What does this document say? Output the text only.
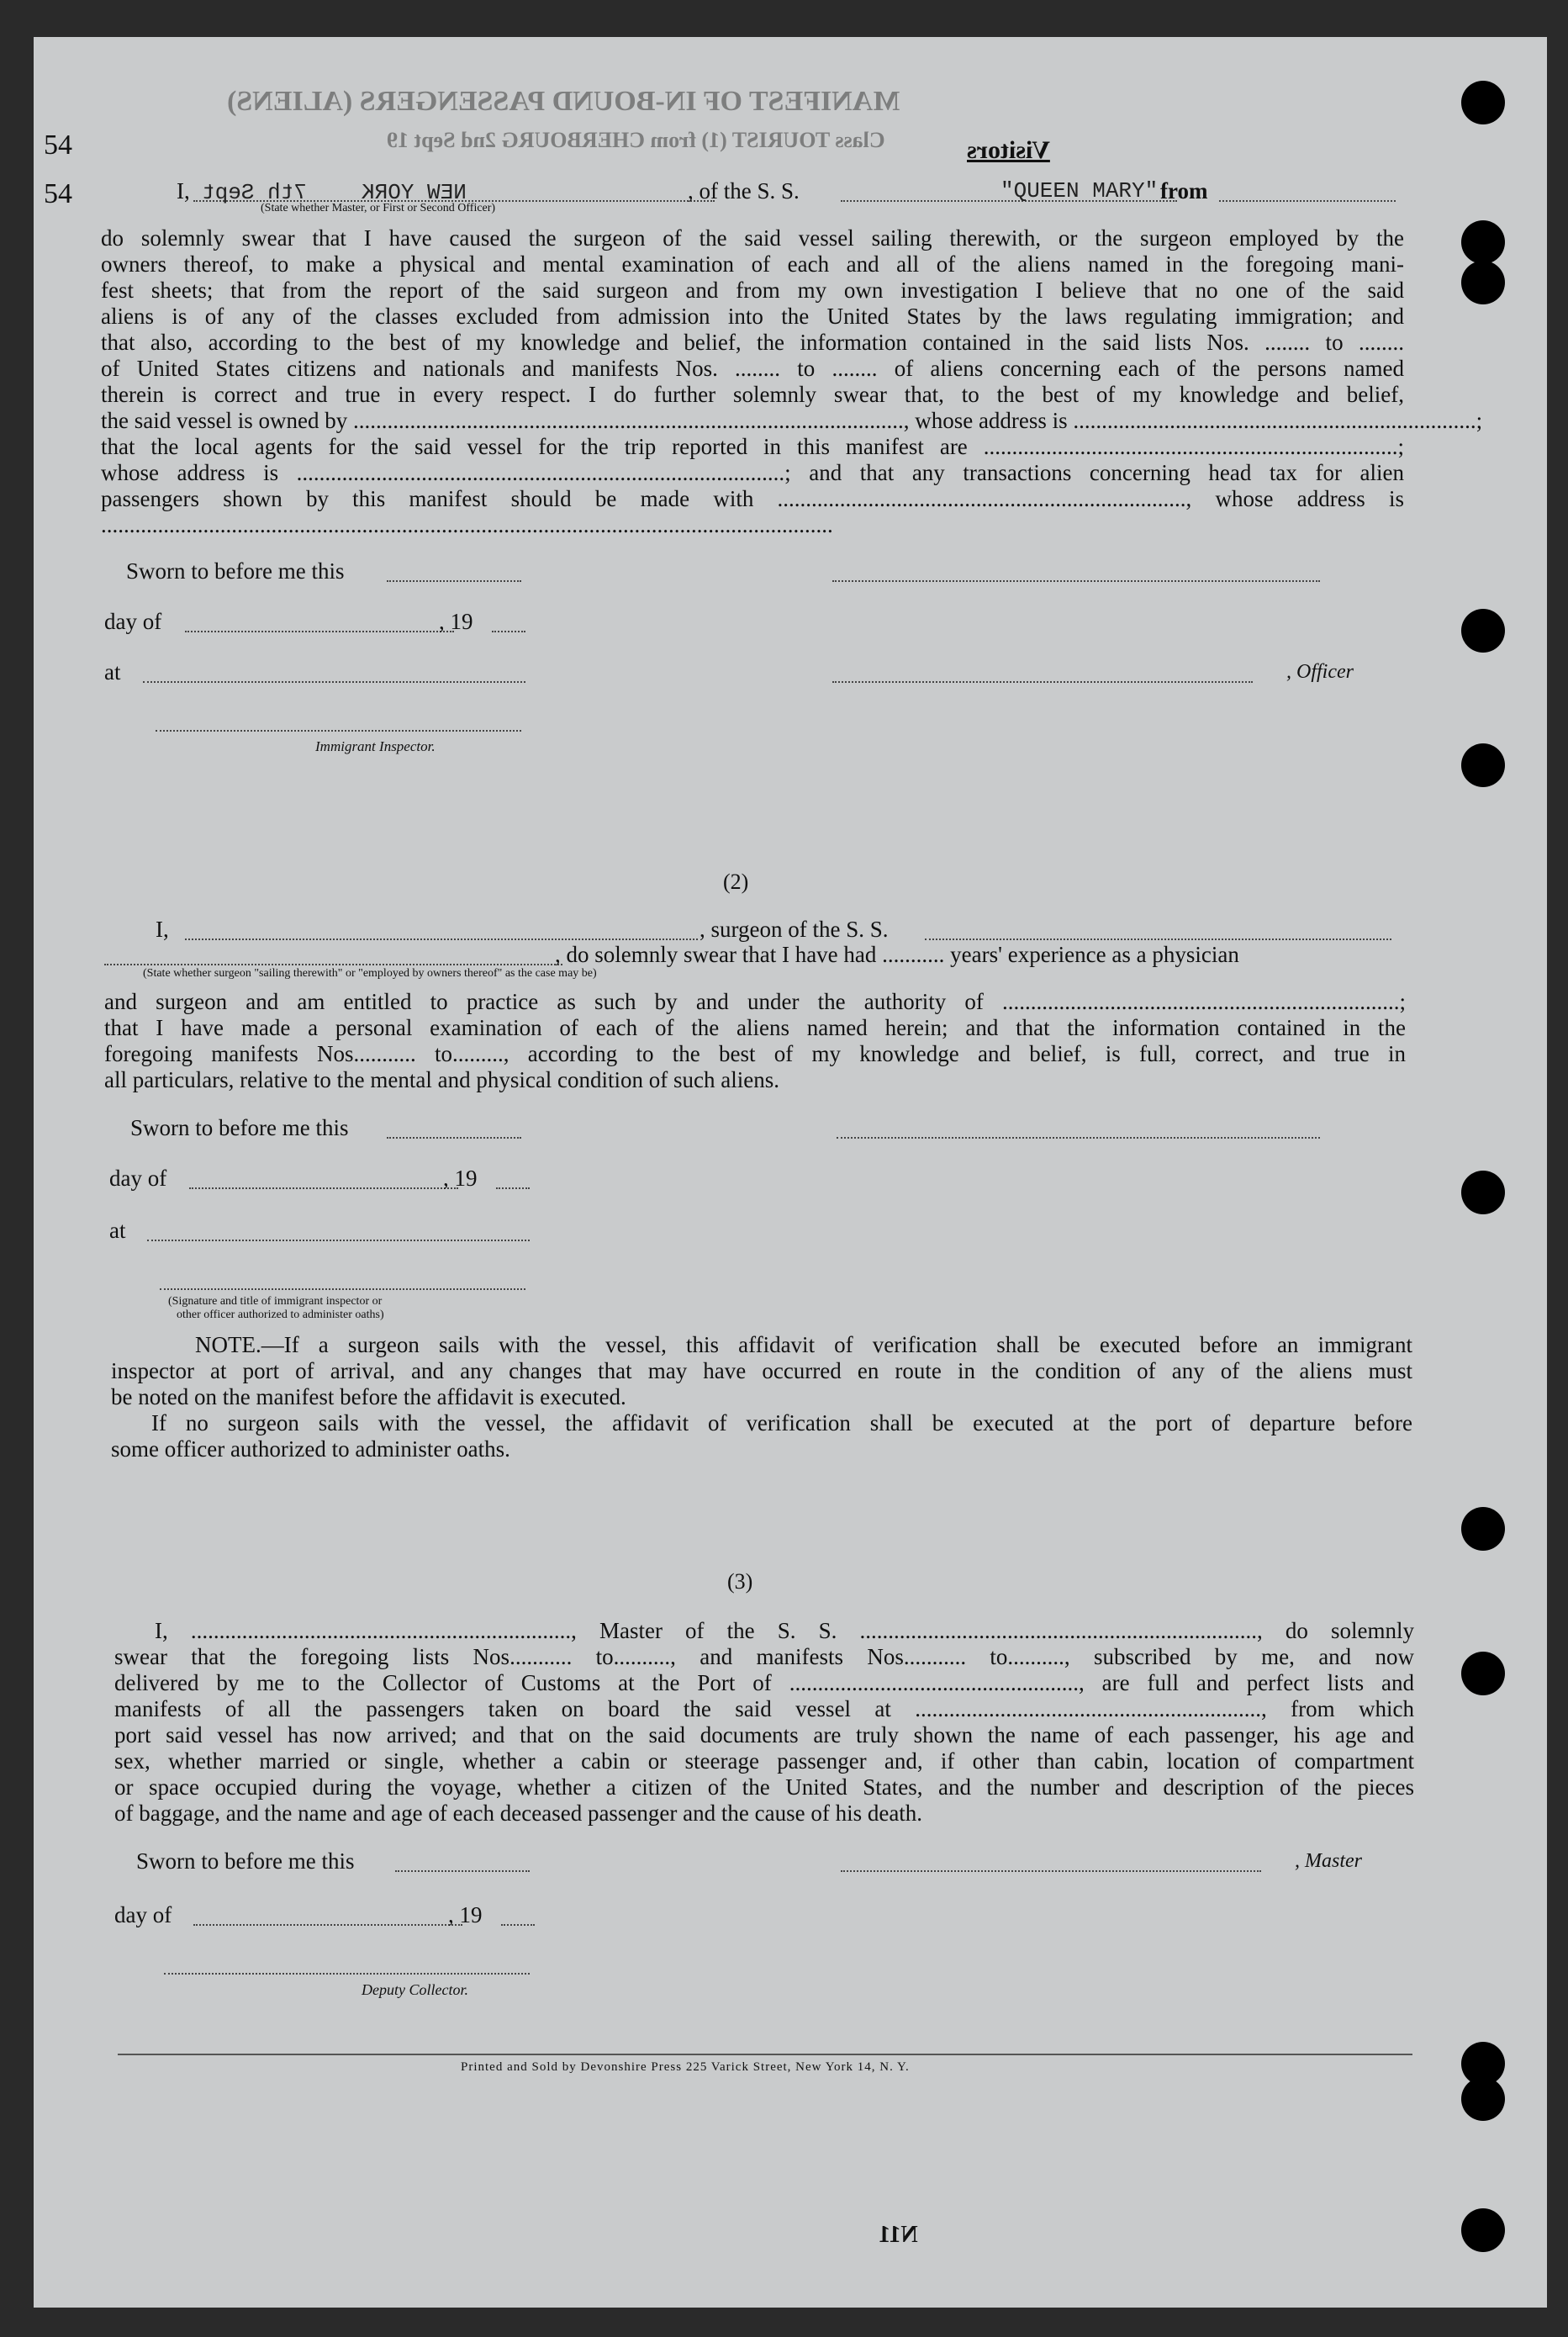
MANIFEST OF IN-BOUND PASSENGERS (ALIENS)
Class TOURIST (1) from CHERBOURG 2nd Sept 19	Visitors
54
54	I, 7th Sept	NEW YORK	, of the S. S.	"QUEEN MARY" from
(State whether Master, or First or Second Officer)
do solemnly swear that I have caused the surgeon of the said vessel sailing therewith, or the surgeon employed by the
owners thereof, to make a physical and mental examination of each and all of the aliens named in the foregoing mani-
fest sheets; that from the report of the said surgeon and from my own investigation I believe that no one of the said
aliens is of any of the classes excluded from admission into the United States by the laws regulating immigration; and
that also, according to the best of my knowledge and belief, the information contained in the said lists Nos. ........ to ........
of United States citizens and nationals and manifests Nos. ........ to ........ of aliens concerning each of the persons named
therein is correct and true in every respect. I do further solemnly swear that, to the best of my knowledge and belief,
the said vessel is owned by ................................................................................................., whose address is .......................................................................;
that the local agents for the said vessel for the trip reported in this manifest are .........................................................................;
whose address is ......................................................................................; and that any transactions concerning head tax for alien
passengers shown by this manifest should be made with ........................................................................, whose address is
.................................................................................................................................
Sworn to before me this
day of	, 19
at	, Officer
Immigrant Inspector.
(2)
I,	, surgeon of the S. S.
, do solemnly swear that I have had ........... years' experience as a physician
(State whether surgeon "sailing therewith" or "employed by owners thereof" as the case may be)
and surgeon and am entitled to practice as such by and under the authority of ......................................................................;
that I have made a personal examination of each of the aliens named herein; and that the information contained in the
foregoing manifests Nos........... to........., according to the best of my knowledge and belief, is full, correct, and true in
all particulars, relative to the mental and physical condition of such aliens.
Sworn to before me this
day of	, 19
at
(Signature and title of immigrant inspector or
other officer authorized to administer oaths)
NOTE.—If a surgeon sails with the vessel, this affidavit of verification shall be executed before an immigrant
inspector at port of arrival, and any changes that may have occurred en route in the condition of any of the aliens must
be noted on the manifest before the affidavit is executed.
If no surgeon sails with the vessel, the affidavit of verification shall be executed at the port of departure before
some officer authorized to administer oaths.
(3)
I, ..................................................................., Master of the S. S. ......................................................................, do solemnly
swear that the foregoing lists Nos........... to.........., and manifests Nos........... to.........., subscribed by me, and now
delivered by me to the Collector of Customs at the Port of ..................................................., are full and perfect lists and
manifests of all the passengers taken on board the said vessel at ............................................................., from which
port said vessel has now arrived; and that on the said documents are truly shown the name of each passenger, his age and
sex, whether married or single, whether a cabin or steerage passenger and, if other than cabin, location of compartment
or space occupied during the voyage, whether a citizen of the United States, and the number and description of the pieces
of baggage, and the name and age of each deceased passenger and the cause of his death.
Sworn to before me this	, Master
day of	, 19
Deputy Collector.
Printed and Sold by Devonshire Press 225 Varick Street, New York 14, N. Y.
N11
